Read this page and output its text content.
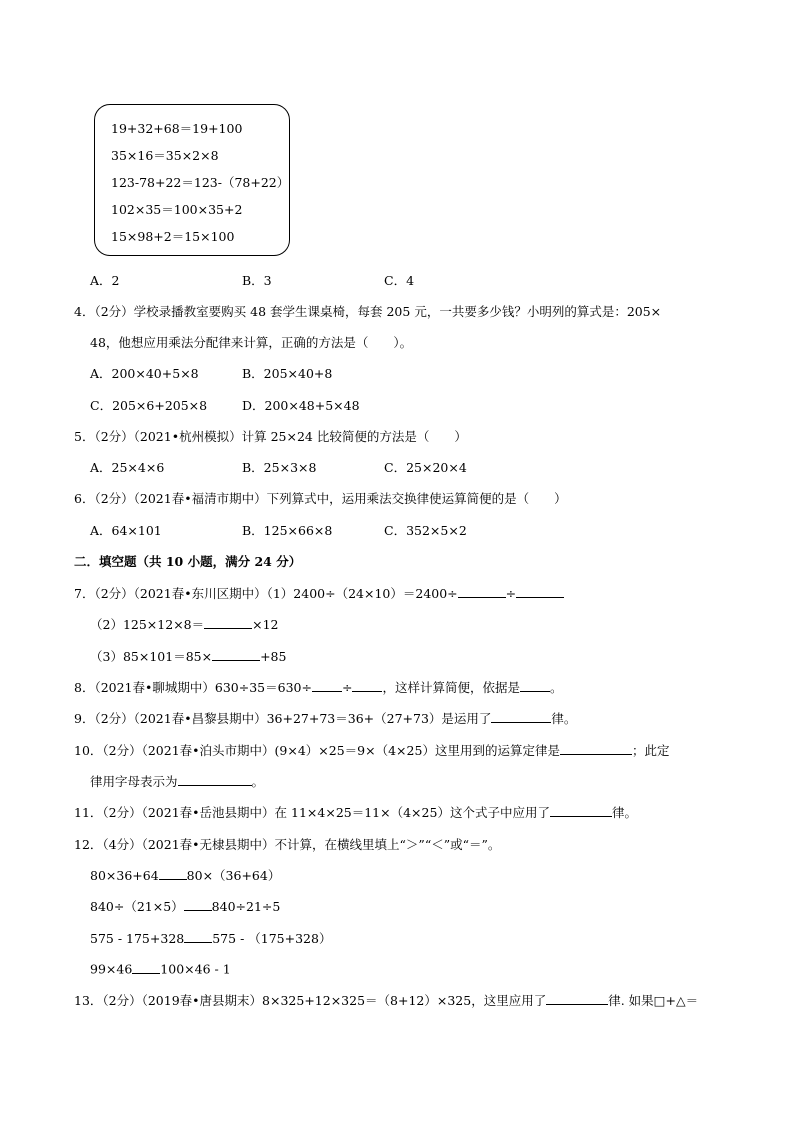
19+32+68＝19+100
35×16＝35×2×8
123-78+22＝123-（78+22）
102×35＝100×35+2
15×98+2＝15×100
A．2	B．3	C．4
4．（2分）学校录播教室要购买 48 套学生课桌椅，每套 205 元，一共要多少钱？小明列的算式是：205×
48，他想应用乘法分配律来计算，正确的方法是（　　）。
A．200×40+5×8	B．205×40+8
C．205×6+205×8	D．200×48+5×48
5．（2分）（2021•杭州模拟）计算 25×24 比较简便的方法是（　　）
A．25×4×6	B．25×3×8	C．25×20×4
6．（2分）（2021春•福清市期中）下列算式中，运用乘法交换律使运算简便的是（　　）
A．64×101	B．125×66×8	C．352×5×2
二．填空题（共 10 小题，满分 24 分）
7．（2分）（2021春•东川区期中）（1）2400÷（24×10）＝2400÷	÷
（2）125×12×8＝	×12
（3）85×101＝85×	+85
8．（2021春•聊城期中）630÷35＝630÷ ÷ ，这样计算简便，依据是 。
9．（2分）（2021春•昌黎县期中）36+27+73＝36+（27+73）是运用了	律。
10．（2分）（2021春•泊头市期中）(9×4）×25＝9×（4×25）这里用到的运算定律是	；此定
律用字母表示为	。
11．（2分）（2021春•岳池县期中）在 11×4×25＝11×（4×25）这个式子中应用了	律。
12．（4分）（2021春•无棣县期中）不计算，在横线里填上“＞”“＜”或“＝”。
80×36+64 80×（36+64）
840÷（21×5） 840÷21÷5
575 - 175+328 575 - （175+328）
99×46 100×46 - 1
13．（2分）（2019春•唐县期末）8×325+12×325＝（8+12）×325，这里应用了	律. 如果□+△＝
